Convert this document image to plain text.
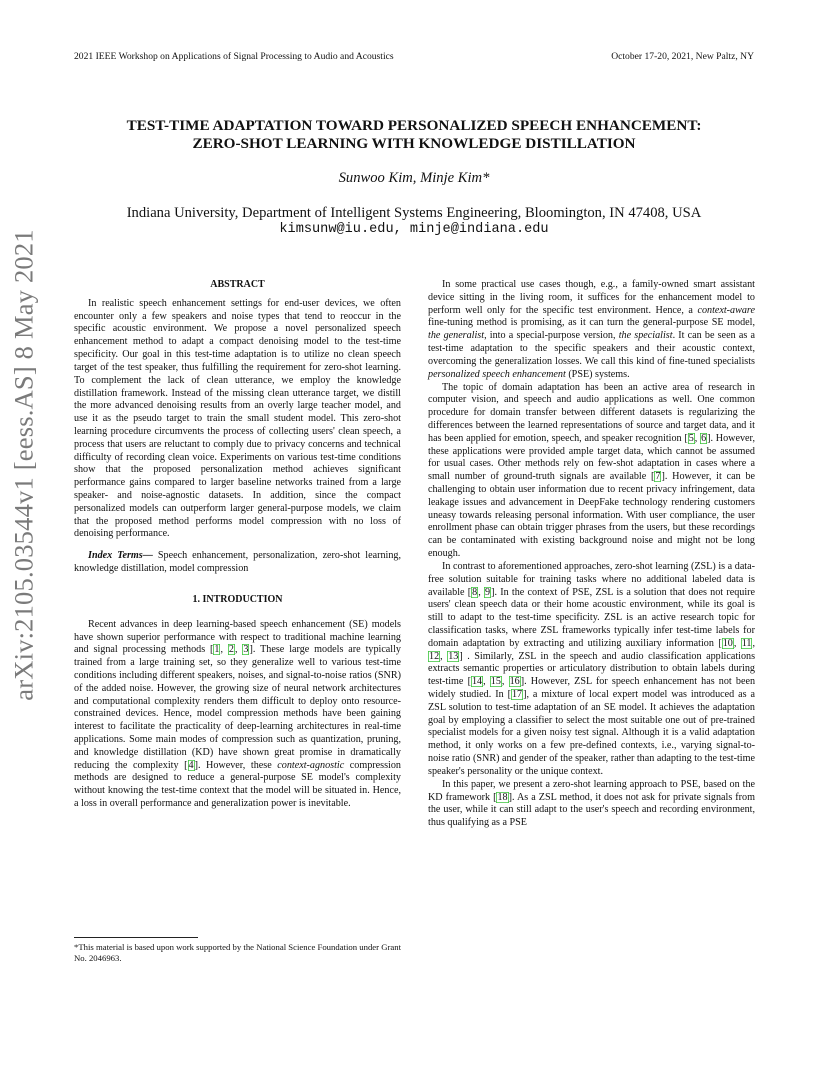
2021 IEEE Workshop on Applications of Signal Processing to Audio and Acoustics	October 17-20, 2021, New Paltz, NY
arXiv:2105.03544v1 [eess.AS] 8 May 2021
TEST-TIME ADAPTATION TOWARD PERSONALIZED SPEECH ENHANCEMENT:
ZERO-SHOT LEARNING WITH KNOWLEDGE DISTILLATION
Sunwoo Kim, Minje Kim*
Indiana University, Department of Intelligent Systems Engineering, Bloomington, IN 47408, USA
kimsunw@iu.edu, minje@indiana.edu

ABSTRACT

In realistic speech enhancement settings for end-user devices, we often encounter only a few speakers and noise types that tend to reoccur in the specific acoustic environment. We propose a novel personalized speech enhancement method to adapt a compact denoising model to the test-time specificity. Our goal in this test-time adaptation is to utilize no clean speech target of the test speaker, thus fulfilling the requirement for zero-shot learning. To complement the lack of clean utterance, we employ the knowledge distillation framework. Instead of the missing clean utterance target, we distill the more advanced denoising results from an overly large teacher model, and use it as the pseudo target to train the small student model. This zero-shot learning procedure circumvents the process of collecting users' clean speech, a process that users are reluctant to comply due to privacy concerns and technical difficulty of recording clean voice. Experiments on various test-time conditions show that the proposed personalization method achieves significant performance gains compared to larger baseline networks trained from a large speaker- and noise-agnostic datasets. In addition, since the compact personalized models can outperform larger general-purpose models, we claim that the proposed method performs model compression with no loss of denoising performance.

Index Terms— Speech enhancement, personalization, zero-shot learning, knowledge distillation, model compression

1. INTRODUCTION

Recent advances in deep learning-based speech enhancement (SE) models have shown superior performance with respect to traditional machine learning and signal processing methods [1, 2, 3]. These large models are typically trained from a large training set, so they generalize well to various test-time conditions including different speakers, noises, and signal-to-noise ratios (SNR) of the added noise. However, the growing size of neural network architectures and computational complexity renders them difficult to deploy onto resource-constrained devices. Hence, model compression methods have been gaining interest to facilitate the practicality of deep-learning architectures in real-time applications. Some main modes of compression such as quantization, pruning, and knowledge distillation (KD) have shown great promise in dramatically reducing the complexity [4]. However, these context-agnostic compression methods are designed to reduce a general-purpose SE model's complexity without knowing the test-time context that the model will be situated in. Hence, a loss in overall performance and generalization power is inevitable.

*This material is based upon work supported by the National Science Foundation under Grant No. 2046963.

In some practical use cases though, e.g., a family-owned smart assistant device sitting in the living room, it suffices for the enhancement model to perform well only for the specific test environment. Hence, a context-aware fine-tuning method is promising, as it can turn the general-purpose SE model, the generalist, into a special-purpose version, the specialist. It can be seen as a test-time adaptation to the specific speakers and their acoustic context, overcoming the generalization losses. We call this kind of fine-tuned specialists personalized speech enhancement (PSE) systems.

The topic of domain adaptation has been an active area of research in computer vision, and speech and audio applications as well. One common procedure for domain transfer between different datasets is regularizing the differences between the learned representations of source and target data, and it has been applied for emotion, speech, and speaker recognition [5, 6]. However, these applications were provided ample target data, which cannot be assumed for usual cases. Other methods rely on few-shot adaptation in cases where a small number of ground-truth signals are available [7]. However, it can be challenging to obtain user information due to recent privacy infringement, data leakage issues and advancement in DeepFake technology rendering customers uneasy towards releasing personal information. With user compliance, the user enrollment phase can obtain trigger phrases from the users, but these recordings can be contaminated with existing background noise and might not be long enough.

In contrast to aforementioned approaches, zero-shot learning (ZSL) is a data-free solution suitable for training tasks where no additional labeled data is available [8, 9]. In the context of PSE, ZSL is a solution that does not require users' clean speech data or their home acoustic environment, while its goal is still to adapt to the test-time specificity. ZSL is an active research topic for classification tasks, where ZSL frameworks typically infer test-time labels for domain adaptation by extracting and utilizing auxiliary information [10, 11, 12, 13] . Similarly, ZSL in the speech and audio classification applications extracts semantic properties or articulatory distribution to obtain labels during test-time [14, 15, 16]. However, ZSL for speech enhancement has not been widely studied. In [17], a mixture of local expert model was introduced as a ZSL solution to test-time adaptation of an SE model. It achieves the adaptation goal by employing a classifier to select the most suitable one out of pre-trained specialist models for a given noisy test signal. Although it is a valid adaptation method, it only works on a few pre-defined contexts, i.e., varying signal-to-noise ratio (SNR) and gender of the speaker, rather than adapting to the test-time speaker's personality or the unique context.

In this paper, we present a zero-shot learning approach to PSE, based on the KD framework [18]. As a ZSL method, it does not ask for private signals from the user, while it can still adapt to the user's speech and recording environment, thus qualifying as a PSE
